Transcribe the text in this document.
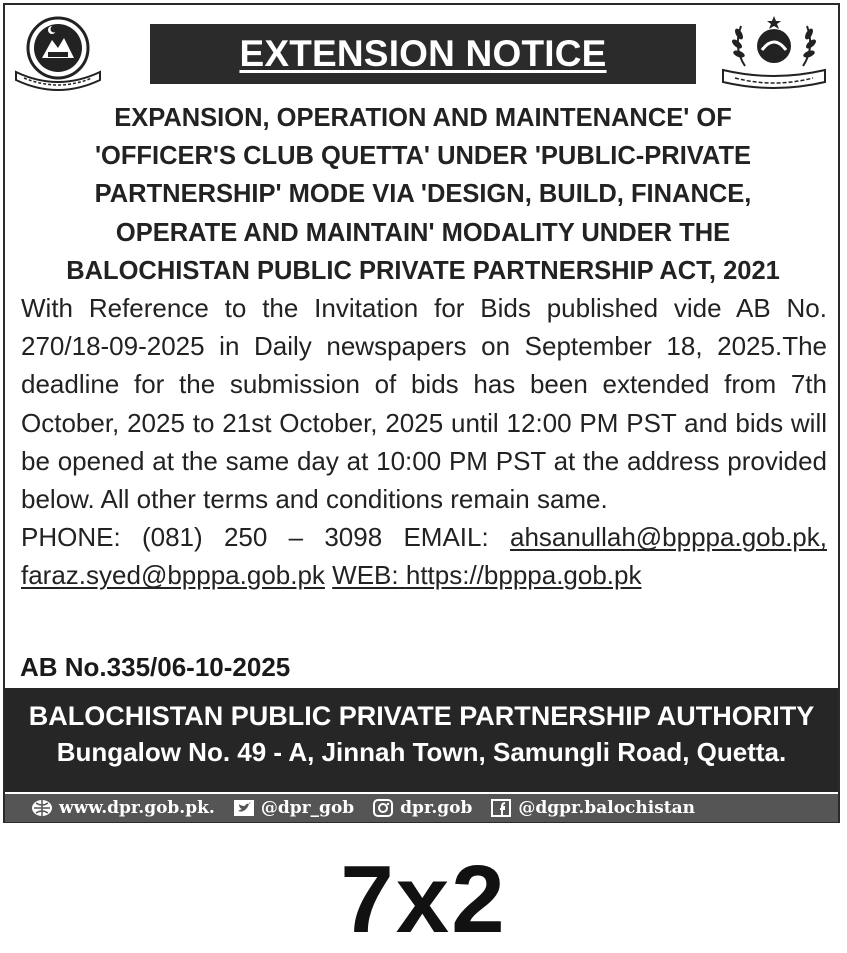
EXTENSION NOTICE
EXPANSION, OPERATION AND MAINTENANCE' OF
'OFFICER'S CLUB QUETTA' UNDER 'PUBLIC-PRIVATE
PARTNERSHIP' MODE VIA 'DESIGN, BUILD, FINANCE,
OPERATE AND MAINTAIN' MODALITY UNDER THE
BALOCHISTAN PUBLIC PRIVATE PARTNERSHIP ACT, 2021
With Reference to the Invitation for Bids published vide AB No. 270/18-09-2025 in Daily newspapers on September 18, 2025.The deadline for the submission of bids has been extended from 7th October, 2025 to 21st October, 2025 until 12:00 PM PST and bids will be opened at the same day at 10:00 PM PST at the address provided below. All other terms and conditions remain same.
PHONE: (081) 250 – 3098 EMAIL: ahsanullah@bpppa.gob.pk, faraz.syed@bpppa.gob.pk WEB: https://bpppa.gob.pk
AB No.335/06-10-2025
BALOCHISTAN PUBLIC PRIVATE PARTNERSHIP AUTHORITY
Bungalow No. 49 - A, Jinnah Town, Samungli Road, Quetta.
www.dpr.gob.pk.	@dpr_gob	dpr.gob	@dgpr.balochistan
7x2
